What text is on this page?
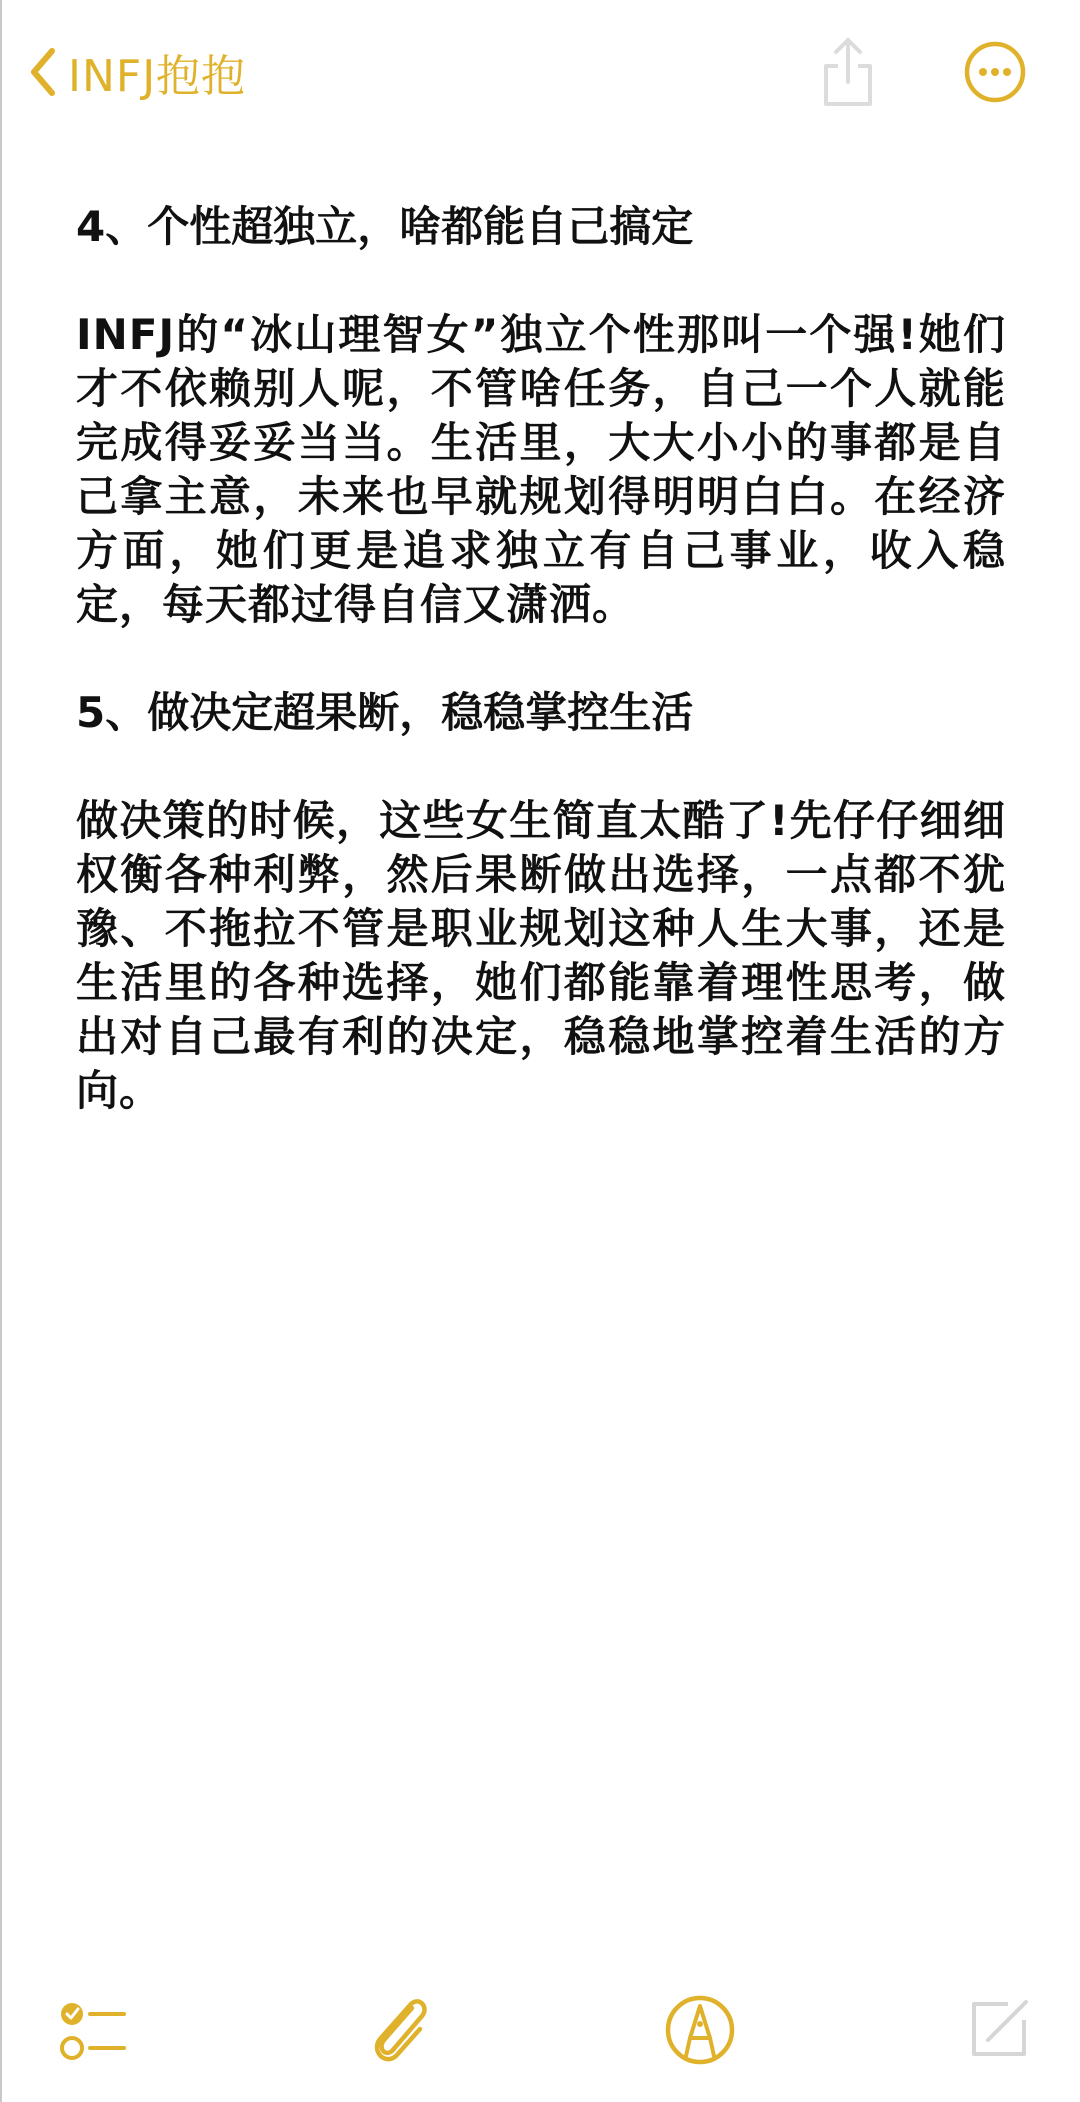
INFJ抱抱
4、个性超独立，啥都能自己搞定
INFJ的“冰山理智女”独立个性那叫一个强!她们才不依赖别人呢，不管啥任务，自己一个人就能完成得妥妥当当。生活里，大大小小的事都是自己拿主意，未来也早就规划得明明白白。在经济方面，她们更是追求独立有自己事业，收入稳定，每天都过得自信又潇洒。
5、做决定超果断，稳稳掌控生活
做决策的时候，这些女生简直太酷了!先仔仔细细权衡各种利弊，然后果断做出选择，一点都不犹豫、不拖拉不管是职业规划这种人生大事，还是生活里的各种选择，她们都能靠着理性思考，做出对自己最有利的决定，稳稳地掌控着生活的方向。
